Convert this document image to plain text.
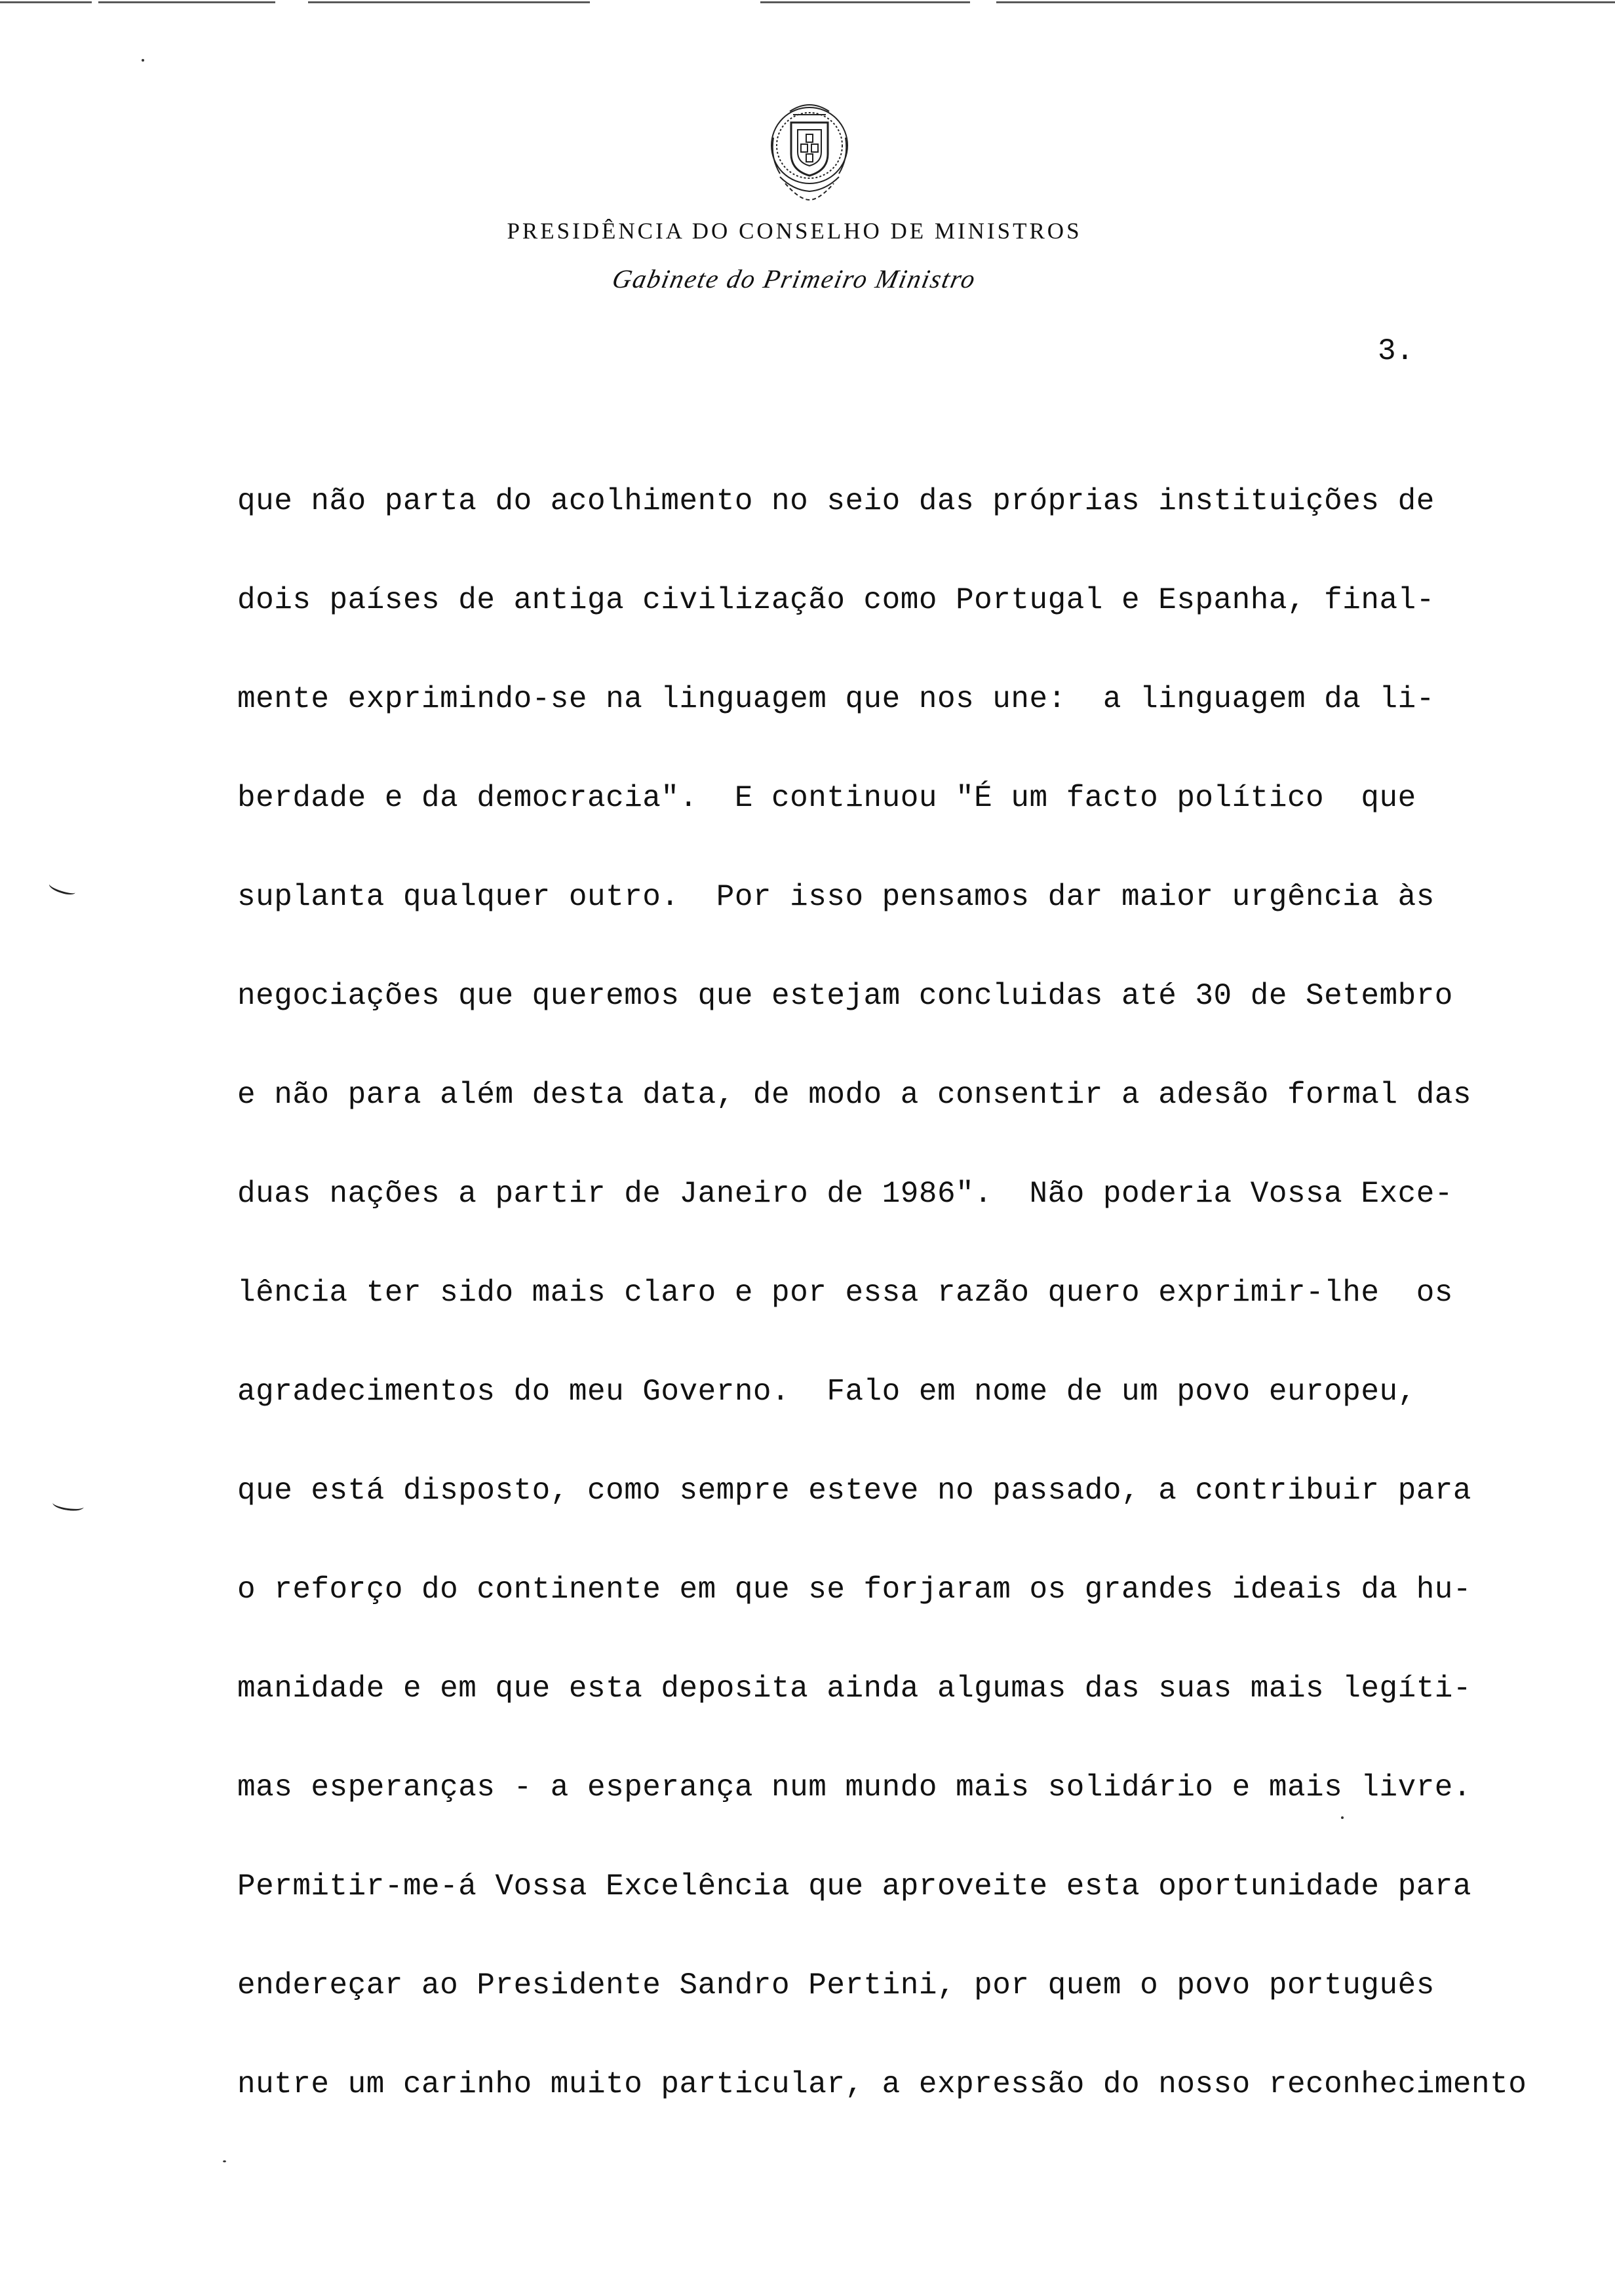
PRESIDÊNCIA DO CONSELHO DE MINISTROS
Gabinete do Primeiro Ministro
3.
que não parta do acolhimento no seio das próprias instituições de
dois países de antiga civilização como Portugal e Espanha, final-
mente exprimindo-se na linguagem que nos une:  a linguagem da li-
berdade e da democracia".  E continuou "É um facto político  que
suplanta qualquer outro.  Por isso pensamos dar maior urgência às
negociações que queremos que estejam concluidas até 30 de Setembro
e não para além desta data, de modo a consentir a adesão formal das
duas nações a partir de Janeiro de 1986".  Não poderia Vossa Exce-
lência ter sido mais claro e por essa razão quero exprimir-lhe  os
agradecimentos do meu Governo.  Falo em nome de um povo europeu,
que está disposto, como sempre esteve no passado, a contribuir para
o reforço do continente em que se forjaram os grandes ideais da hu-
manidade e em que esta deposita ainda algumas das suas mais legíti-
mas esperanças - a esperança num mundo mais solidário e mais livre.
Permitir-me-á Vossa Excelência que aproveite esta oportunidade para
endereçar ao Presidente Sandro Pertini, por quem o povo português
nutre um carinho muito particular, a expressão do nosso reconhecimento
